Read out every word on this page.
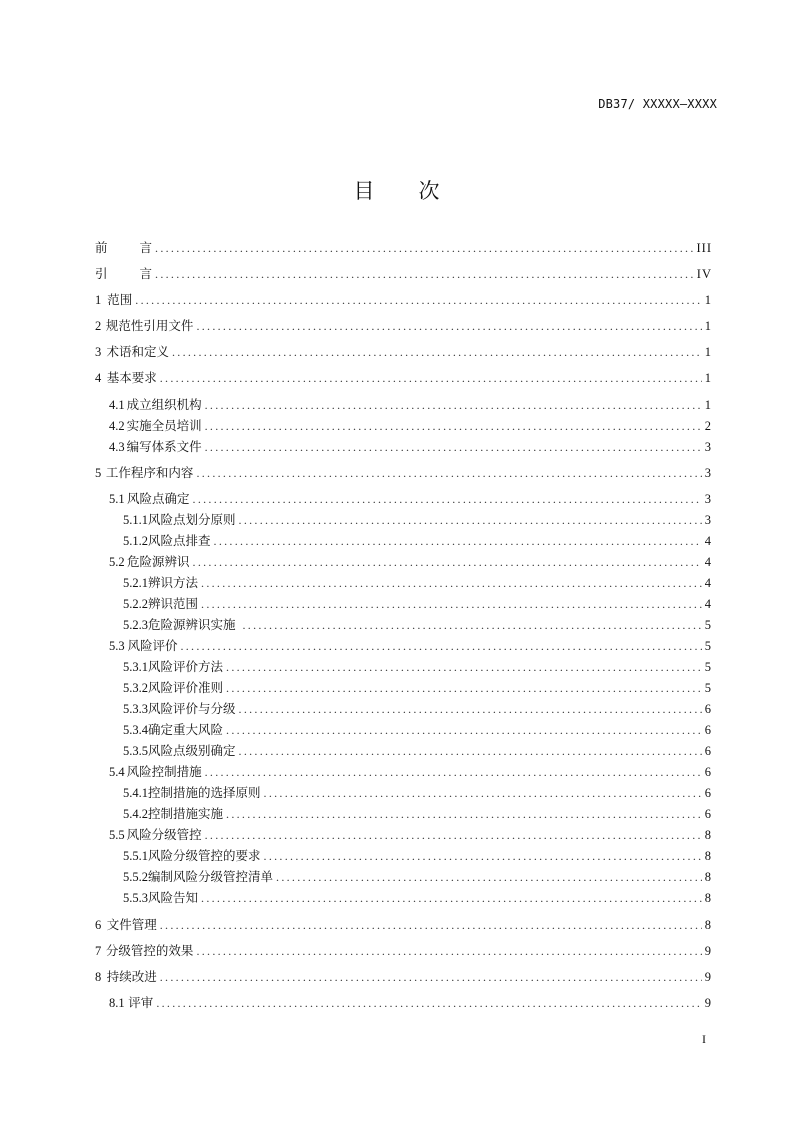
DB37/ XXXXX—XXXX
目 次
前	言 .....	III
引	言 .....	IV
1 范围 .....	1
2 规范性引用文件 .....	1
3 术语和定义 .....	1
4 基本要求 .....	1
4.1 成立组织机构 .....	1
4.2 实施全员培训 .....	2
4.3 编写体系文件 .....	3
5 工作程序和内容 .....	3
5.1 风险点确定 .....	3
5.1.1 风险点划分原则 .....	3
5.1.2 风险点排查 .....	4
5.2 危险源辨识 .....	4
5.2.1 辨识方法 .....	4
5.2.2 辨识范围 .....	4
5.2.3 危险源辨识实施 .....	5
5.3 风险评价 .....	5
5.3.1 风险评价方法 .....	5
5.3.2 风险评价准则 .....	5
5.3.3 风险评价与分级 .....	6
5.3.4 确定重大风险 .....	6
5.3.5 风险点级别确定 .....	6
5.4 风险控制措施 .....	6
5.4.1 控制措施的选择原则 .....	6
5.4.2 控制措施实施 .....	6
5.5 风险分级管控 .....	8
5.5.1 风险分级管控的要求 .....	8
5.5.2 编制风险分级管控清单 .....	8
5.5.3 风险告知 .....	8
6 文件管理 .....	8
7 分级管控的效果 .....	9
8 持续改进 .....	9
8.1 评审 .....	9
I
